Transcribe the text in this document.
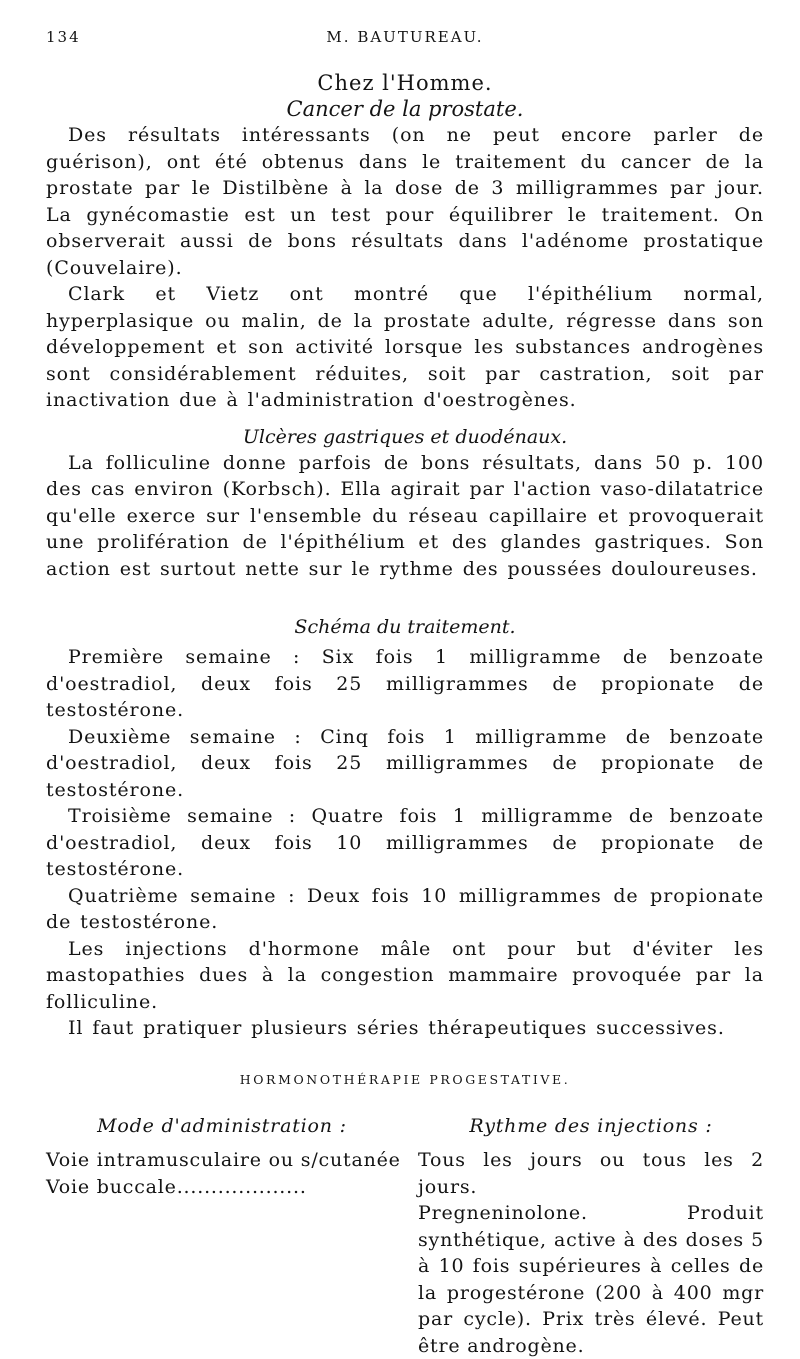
134	M. BAUTUREAU.
Chez l'Homme.
Cancer de la prostate.

Des résultats intéressants (on ne peut encore parler de guérison), ont été obtenus dans le traitement du cancer de la prostate par le Distilbène à la dose de 3 milligrammes par jour. La gynécomastie est un test pour équilibrer le traitement. On observerait aussi de bons résultats dans l'adénome prostatique (Couvelaire).

Clark et Vietz ont montré que l'épithélium normal, hyperplasique ou malin, de la prostate adulte, régresse dans son développement et son activité lorsque les substances androgènes sont considérablement réduites, soit par castration, soit par inactivation due à l'administration d'oestrogènes.

Ulcères gastriques et duodénaux.

La folliculine donne parfois de bons résultats, dans 50 p. 100 des cas environ (Korbsch). Ella agirait par l'action vaso-dilatatrice qu'elle exerce sur l'ensemble du réseau capillaire et provoquerait une prolifération de l'épithélium et des glandes gastriques. Son action est surtout nette sur le rythme des poussées douloureuses.

Schéma du traitement.

Première semaine : Six fois 1 milligramme de benzoate d'oestradiol, deux fois 25 milligrammes de propionate de testostérone.

Deuxième semaine : Cinq fois 1 milligramme de benzoate d'oestradiol, deux fois 25 milligrammes de propionate de testostérone.

Troisième semaine : Quatre fois 1 milligramme de benzoate d'oestradiol, deux fois 10 milligrammes de propionate de testostérone.

Quatrième semaine : Deux fois 10 milligrammes de propionate de testostérone.

Les injections d'hormone mâle ont pour but d'éviter les mastopathies dues à la congestion mammaire provoquée par la folliculine.

Il faut pratiquer plusieurs séries thérapeutiques successives.

HORMONOTHÉRAPIE PROGESTATIVE.
Mode d'administration :
Voie intramusculaire ou s/cutanée
Voie buccale...................
Rythme des injections :
Tous les jours ou tous les 2 jours.
Pregneninolone. Produit synthétique, active à des doses 5 à 10 fois supérieures à celles de la progestérone (200 à 400 mgr par cycle). Prix très élevé. Peut être androgène.
